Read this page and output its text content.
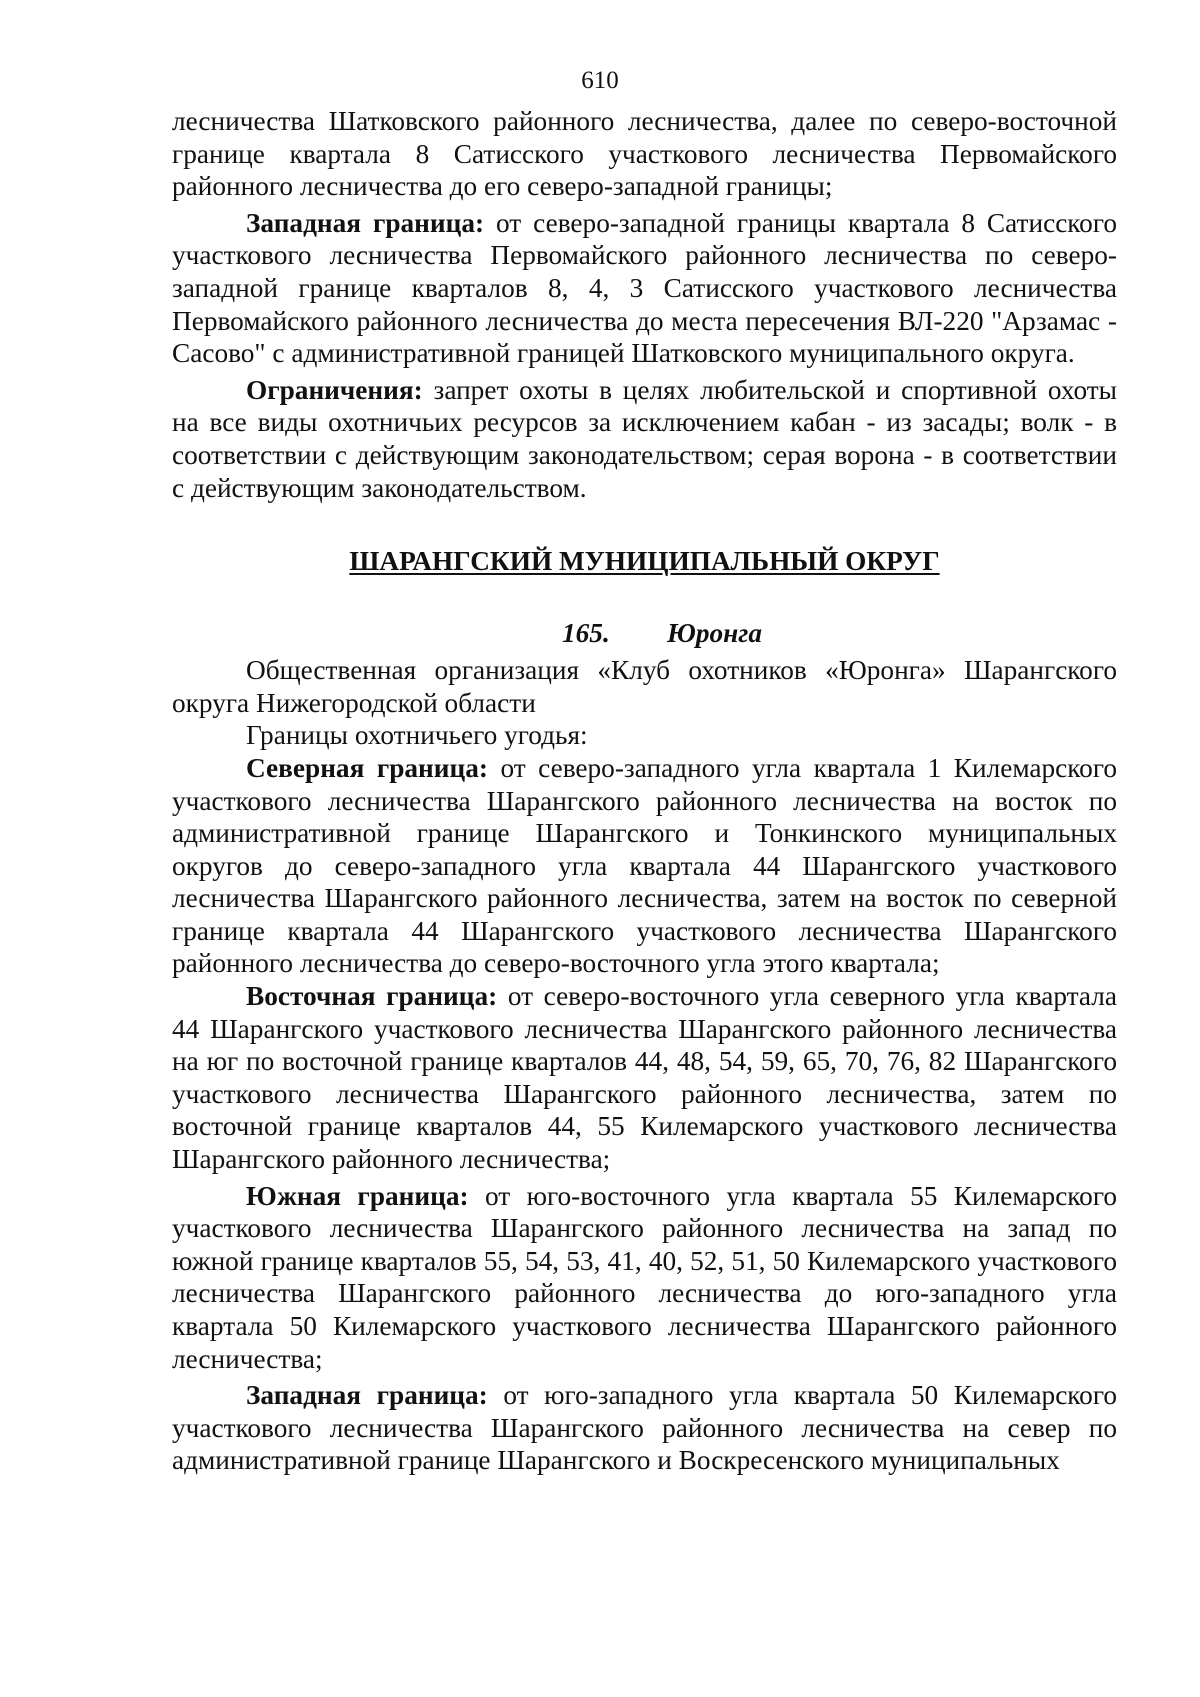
610

лесничества Шатковского районного лесничества, далее по северо-восточной границе квартала 8 Сатисского участкового лесничества Первомайского районного лесничества до его северо-западной границы;

Западная граница: от северо-западной границы квартала 8 Сатисского участкового лесничества Первомайского районного лесничества по северо-западной границе кварталов 8, 4, 3 Сатисского участкового лесничества Первомайского районного лесничества до места пересечения ВЛ-220 "Арзамас - Сасово" с административной границей Шатковского муниципального округа.

Ограничения: запрет охоты в целях любительской и спортивной охоты на все виды охотничьих ресурсов за исключением кабан - из засады; волк - в соответствии с действующим законодательством; серая ворона - в соответствии с действующим законодательством.

ШАРАНГСКИЙ МУНИЦИПАЛЬНЫЙ ОКРУГ
165. Юронга

Общественная организация «Клуб охотников «Юронга» Шарангского округа Нижегородской области

Границы охотничьего угодья:

Северная граница: от северо-западного угла квартала 1 Килемарского участкового лесничества Шарангского районного лесничества на восток по административной границе Шарангского и Тонкинского муниципальных округов до северо-западного угла квартала 44 Шарангского участкового лесничества Шарангского районного лесничества, затем на восток по северной границе квартала 44 Шарангского участкового лесничества Шарангского районного лесничества до северо-восточного угла этого квартала;

Восточная граница: от северо-восточного угла северного угла квартала 44 Шарангского участкового лесничества Шарангского районного лесничества на юг по восточной границе кварталов 44, 48, 54, 59, 65, 70, 76, 82 Шарангского участкового лесничества Шарангского районного лесничества, затем по восточной границе кварталов 44, 55 Килемарского участкового лесничества Шарангского районного лесничества;

Южная граница: от юго-восточного угла квартала 55 Килемарского участкового лесничества Шарангского районного лесничества на запад по южной границе кварталов 55, 54, 53, 41, 40, 52, 51, 50 Килемарского участкового лесничества Шарангского районного лесничества до юго-западного угла квартала 50 Килемарского участкового лесничества Шарангского районного лесничества;

Западная граница: от юго-западного угла квартала 50 Килемарского участкового лесничества Шарангского районного лесничества на север по административной границе Шарангского и Воскресенского муниципальных
